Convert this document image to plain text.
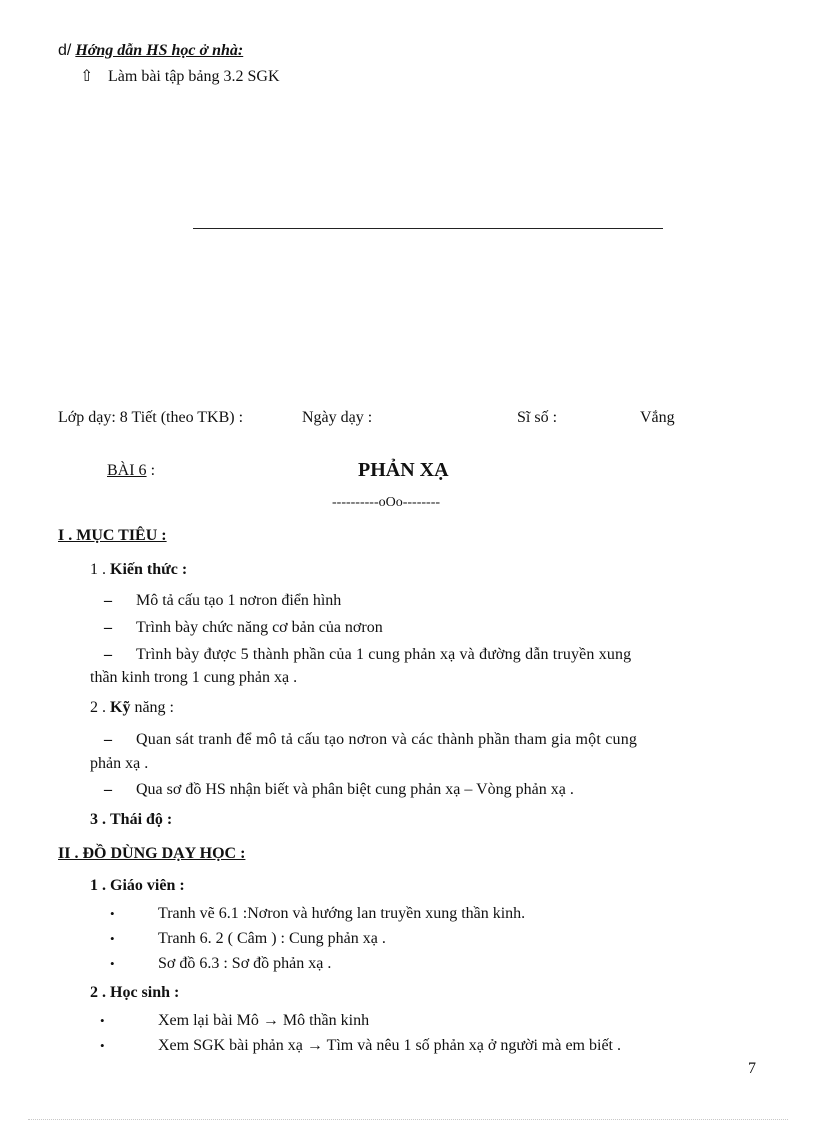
d/ Hớng dẫn HS học ở nhà:
⇧ Làm bài tập bảng 3.2 SGK
Lớp dạy: 8 Tiết (theo TKB) :	Ngày dạy :	Sĩ số :	Vắng
BÀI 6 :	PHẢN XẠ
----------oOo--------
I . MỤC TIÊU :
1 . Kiến thức :
– Mô tả cấu tạo 1 nơron điển hình
– Trình bày chức năng cơ bản của nơron
– Trình bày được 5 thành phần của 1 cung phản xạ và đường dẫn truyền xung
thần kinh trong 1 cung phản xạ .
2 . Kỹ năng :
– Quan sát tranh để mô tả cấu tạo nơron và các thành phần tham gia một cung
phản xạ .
– Qua sơ đồ HS nhận biết và phân biệt cung phản xạ – Vòng phản xạ .
3 . Thái độ :
II . ĐỒ DÙNG DẠY HỌC :
1 . Giáo viên :
•	Tranh vẽ 6.1 :Nơron và hướng lan truyền xung thần kinh.
•	Tranh 6. 2 ( Câm ) : Cung phản xạ .
•	Sơ đồ 6.3 : Sơ đồ phản xạ .
2 . Học sinh :
•	Xem lại bài Mô → Mô thần kinh
•	Xem SGK bài phản xạ → Tìm và nêu 1 số phản xạ ở người mà em biết .
7
